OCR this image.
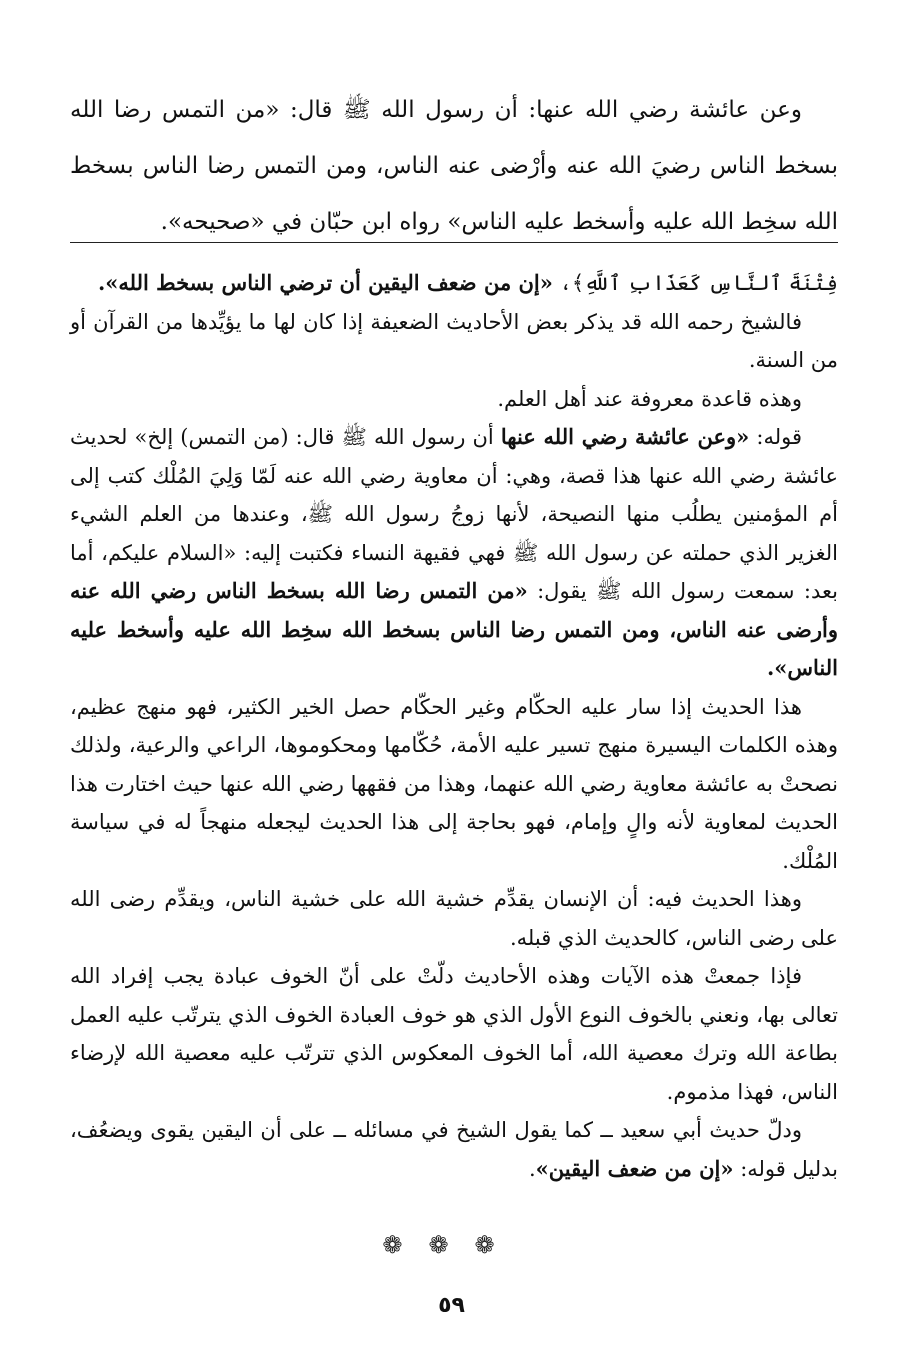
وعن عائشة رضي الله عنها: أن رسول الله ﷺ قال: «من التمس رضا الله بسخط الناس رضيَ الله عنه وأرْضى عنه الناس، ومن التمس رضا الناس بسخط الله سخِط الله عليه وأسخط عليه الناس» رواه ابن حبّان في «صحيحه».

فِتْنَةَ ٱلنَّاسِ كَعَذَابِ ٱللَّهِ﴾، «إن من ضعف اليقين أن ترضي الناس بسخط الله».

فالشيخ رحمه الله قد يذكر بعض الأحاديث الضعيفة إذا كان لها ما يؤيِّدها من القرآن أو من السنة.

وهذه قاعدة معروفة عند أهل العلم.

قوله: «وعن عائشة رضي الله عنها أن رسول الله ﷺ قال: (من التمس) إلخ» لحديث عائشة رضي الله عنها هذا قصة، وهي: أن معاوية رضي الله عنه لَمّا وَلِيَ المُلْك كتب إلى أم المؤمنين يطلُب منها النصيحة، لأنها زوجُ رسول الله ﷺ، وعندها من العلم الشيء الغزير الذي حملته عن رسول الله ﷺ فهي فقيهة النساء فكتبت إليه: «السلام عليكم، أما بعد: سمعت رسول الله ﷺ يقول: «من التمس رضا الله بسخط الناس رضي الله عنه وأرضى عنه الناس، ومن التمس رضا الناس بسخط الله سخِط الله عليه وأسخط عليه الناس».

هذا الحديث إذا سار عليه الحكّام وغير الحكّام حصل الخير الكثير، فهو منهج عظيم، وهذه الكلمات اليسيرة منهج تسير عليه الأمة، حُكّامها ومحكوموها، الراعي والرعية، ولذلك نصحتْ به عائشة معاوية رضي الله عنهما، وهذا من فقهها رضي الله عنها حيث اختارت هذا الحديث لمعاوية لأنه والٍ وإمام، فهو بحاجة إلى هذا الحديث ليجعله منهجاً له في سياسة المُلْك.

وهذا الحديث فيه: أن الإنسان يقدِّم خشية الله على خشية الناس، ويقدِّم رضى الله على رضى الناس، كالحديث الذي قبله.

فإذا جمعتْ هذه الآيات وهذه الأحاديث دلّتْ على أنّ الخوف عبادة يجب إفراد الله تعالى بها، ونعني بالخوف النوع الأول الذي هو خوف العبادة الخوف الذي يترتّب عليه العمل بطاعة الله وترك معصية الله، أما الخوف المعكوس الذي تترتّب عليه معصية الله لإرضاء الناس، فهذا مذموم.

ودلّ حديث أبي سعيد ــ كما يقول الشيخ في مسائله ــ على أن اليقين يقوى ويضعُف، بدليل قوله: «إن من ضعف اليقين».

❁❁❁
٥٩
